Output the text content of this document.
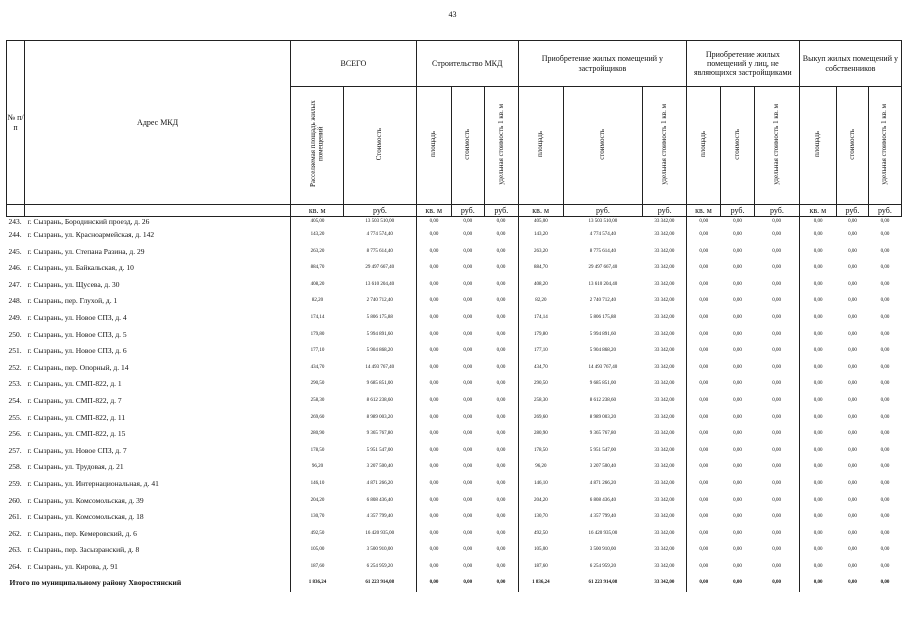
43
№ п/п	Адрес МКД	ВСЕГО		Строительство МКД			Приобретение жилых помещений у застройщиков			Приобретение жилых помещений у лиц, не являющихся застройщиками			Выкуп жилых помещений у собственников		
		Расселяемая площадь жилых помещений	Стоимость	площадь	стоимость	удельная стоимость 1 кв. м	площадь	стоимость	удельная стоимость 1 кв. м	площадь	стоимость	удельная стоимость 1 кв. м	площадь	стоимость	удельная стоимость 1 кв. м
		кв. м	руб.	кв. м	руб.	руб.	кв. м	руб.	руб.	кв. м	руб.	руб.	кв. м	руб.	руб.
243.	г. Сызрань, Бородинский проезд, д. 26	405,00	13 503 510,00	0,00	0,00	0,00	405,00	13 503 510,00	33 342,00	0,00	0,00	0,00	0,00	0,00	0,00
244.	г. Сызрань, ул. Красноармейская, д. 142	143,20	4 774 574,40	0,00	0,00	0,00	143,20	4 774 574,40	33 342,00	0,00	0,00	0,00	0,00	0,00	0,00
245.	г. Сызрань, ул. Степана Разина, д. 29	263,20	8 775 614,40	0,00	0,00	0,00	263,20	8 775 614,40	33 342,00	0,00	0,00	0,00	0,00	0,00	0,00
246.	г. Сызрань, ул. Байкальская, д. 10	884,70	29 497 667,40	0,00	0,00	0,00	884,70	29 497 667,40	33 342,00	0,00	0,00	0,00	0,00	0,00	0,00
247.	г. Сызрань, ул. Щусева, д. 30	408,20	13 610 204,40	0,00	0,00	0,00	408,20	13 610 204,40	33 342,00	0,00	0,00	0,00	0,00	0,00	0,00
248.	г. Сызрань, пер. Глухой, д. 1	82,20	2 740 712,40	0,00	0,00	0,00	82,20	2 740 712,40	33 342,00	0,00	0,00	0,00	0,00	0,00	0,00
249.	г. Сызрань, ул. Новое СПЗ, д. 4	174,14	5 806 175,88	0,00	0,00	0,00	174,14	5 806 175,88	33 342,00	0,00	0,00	0,00	0,00	0,00	0,00
250.	г. Сызрань, ул. Новое СПЗ, д. 5	179,80	5 994 891,60	0,00	0,00	0,00	179,80	5 994 891,60	33 342,00	0,00	0,00	0,00	0,00	0,00	0,00
251.	г. Сызрань, ул. Новое СПЗ, д. 6	177,10	5 904 868,20	0,00	0,00	0,00	177,10	5 904 868,20	33 342,00	0,00	0,00	0,00	0,00	0,00	0,00
252.	г. Сызрань, пер. Опорный, д. 14	434,70	14 493 767,40	0,00	0,00	0,00	434,70	14 493 767,40	33 342,00	0,00	0,00	0,00	0,00	0,00	0,00
253.	г. Сызрань, ул. СМП-822, д. 1	290,50	9 685 851,00	0,00	0,00	0,00	290,50	9 685 851,00	33 342,00	0,00	0,00	0,00	0,00	0,00	0,00
254.	г. Сызрань, ул. СМП-822, д. 7	258,30	8 612 238,60	0,00	0,00	0,00	258,30	8 612 238,60	33 342,00	0,00	0,00	0,00	0,00	0,00	0,00
255.	г. Сызрань, ул. СМП-822, д. 11	269,60	8 989 003,20	0,00	0,00	0,00	269,60	8 989 003,20	33 342,00	0,00	0,00	0,00	0,00	0,00	0,00
256.	г. Сызрань, ул. СМП-822, д. 15	280,90	9 365 767,80	0,00	0,00	0,00	280,90	9 365 767,80	33 342,00	0,00	0,00	0,00	0,00	0,00	0,00
257.	г. Сызрань, ул. Новое СПЗ, д. 7	178,50	5 951 547,00	0,00	0,00	0,00	178,50	5 951 547,00	33 342,00	0,00	0,00	0,00	0,00	0,00	0,00
258.	г. Сызрань, ул. Трудовая, д. 21	96,20	3 207 500,40	0,00	0,00	0,00	96,20	3 207 500,40	33 342,00	0,00	0,00	0,00	0,00	0,00	0,00
259.	г. Сызрань, ул. Интернациональная, д. 41	146,10	4 871 266,20	0,00	0,00	0,00	146,10	4 871 266,20	33 342,00	0,00	0,00	0,00	0,00	0,00	0,00
260.	г. Сызрань, ул. Комсомольская, д. 39	204,20	6 808 436,40	0,00	0,00	0,00	204,20	6 808 436,40	33 342,00	0,00	0,00	0,00	0,00	0,00	0,00
261.	г. Сызрань, ул. Комсомольская, д. 18	130,70	4 357 799,40	0,00	0,00	0,00	130,70	4 357 799,40	33 342,00	0,00	0,00	0,00	0,00	0,00	0,00
262.	г. Сызрань, пер. Кемеровский, д. 6	492,50	16 420 935,00	0,00	0,00	0,00	492,50	16 420 935,00	33 342,00	0,00	0,00	0,00	0,00	0,00	0,00
263.	г. Сызрань, пер. Засызранский, д. 8	105,00	3 500 910,00	0,00	0,00	0,00	105,00	3 500 910,00	33 342,00	0,00	0,00	0,00	0,00	0,00	0,00
264.	г. Сызрань, ул. Кирова, д. 91	187,60	6 254 959,20	0,00	0,00	0,00	187,60	6 254 959,20	33 342,00	0,00	0,00	0,00	0,00	0,00	0,00
Итого по муниципальному району Хворостянский		1 836,24	61 223 914,08	0,00	0,00	0,00	1 836,24	61 223 914,08	33 342,00	0,00	0,00	0,00	0,00	0,00	0,00
